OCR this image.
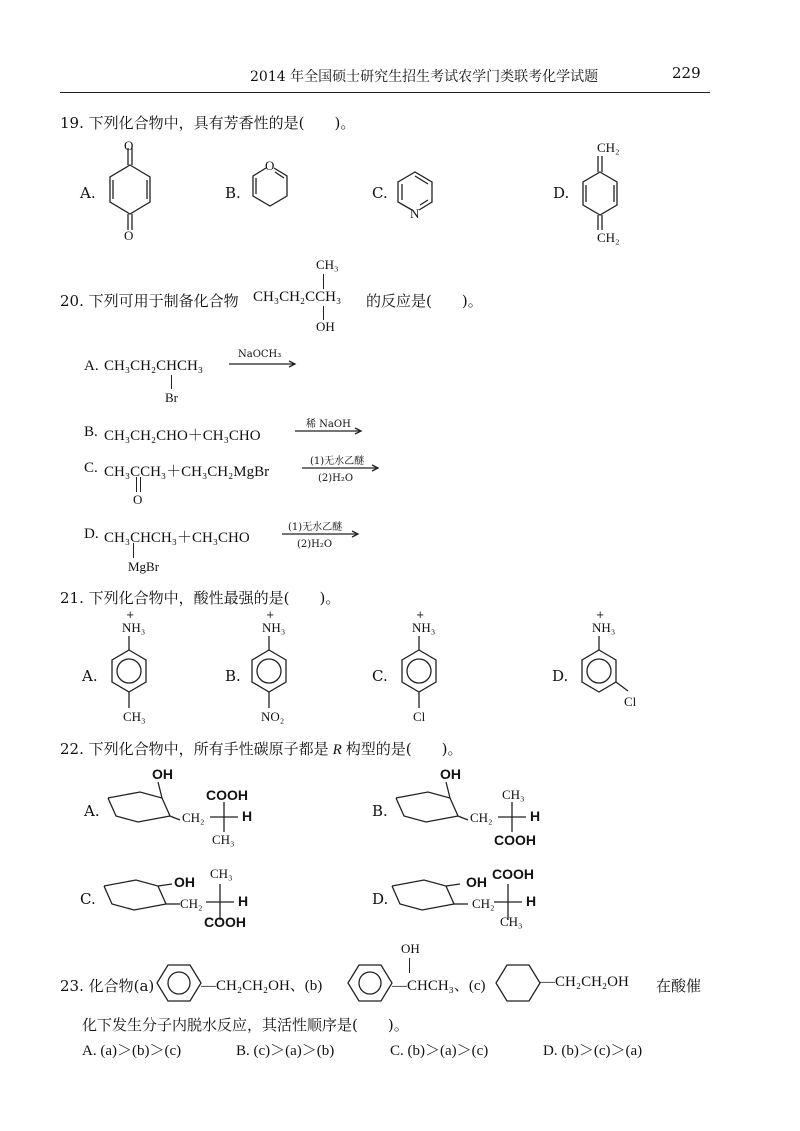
2014 年全国硕士研究生招生考试农学门类联考化学试题	229
19. 下列化合物中，具有芳香性的是(　　)。
A.
O
O
B.
O
C.
N
D.
CH₂
CH₂
20. 下列可用于制备化合物 CH₃CH₂CCH₃
CH₃
OH
的反应是(　　)。
A. CH₃CH₂CHCH₃
Br
NaOCH₃
B. CH₃CH₂CHO＋CH₃CHO
稀 NaOH
C. CH₃CCH₃＋CH₃CH₂MgBr
O
(1)无水乙醚
(2)H₂O
D. CH₃CHCH₃＋CH₃CHO
MgBr
(1)无水乙醚
(2)H₂O
21. 下列化合物中，酸性最强的是(　　)。
A.
+
NH₃
CH₃
B.
+
NH₃
NO₂
C.
+
NH₃
Cl
D.
+
NH₃
Cl
22. 下列化合物中，所有手性碳原子都是 R 构型的是(　　)。
A.
OH
CH₂
COOH
H
CH₃
B.
OH
CH₂
CH₃
H
COOH
C.
OH
CH₂
CH₃
H
COOH
D.
OH
CH₂
COOH
H
CH₃
23. 化合物(a)	—CH₂CH₂OH、(b)
OH
—CHCH₃、(c)	—CH₂CH₂OH 在酸催
化下发生分子内脱水反应，其活性顺序是(　　)。
A. (a)＞(b)＞(c)	B. (c)＞(a)＞(b)	C. (b)＞(a)＞(c)	D. (b)＞(c)＞(a)
